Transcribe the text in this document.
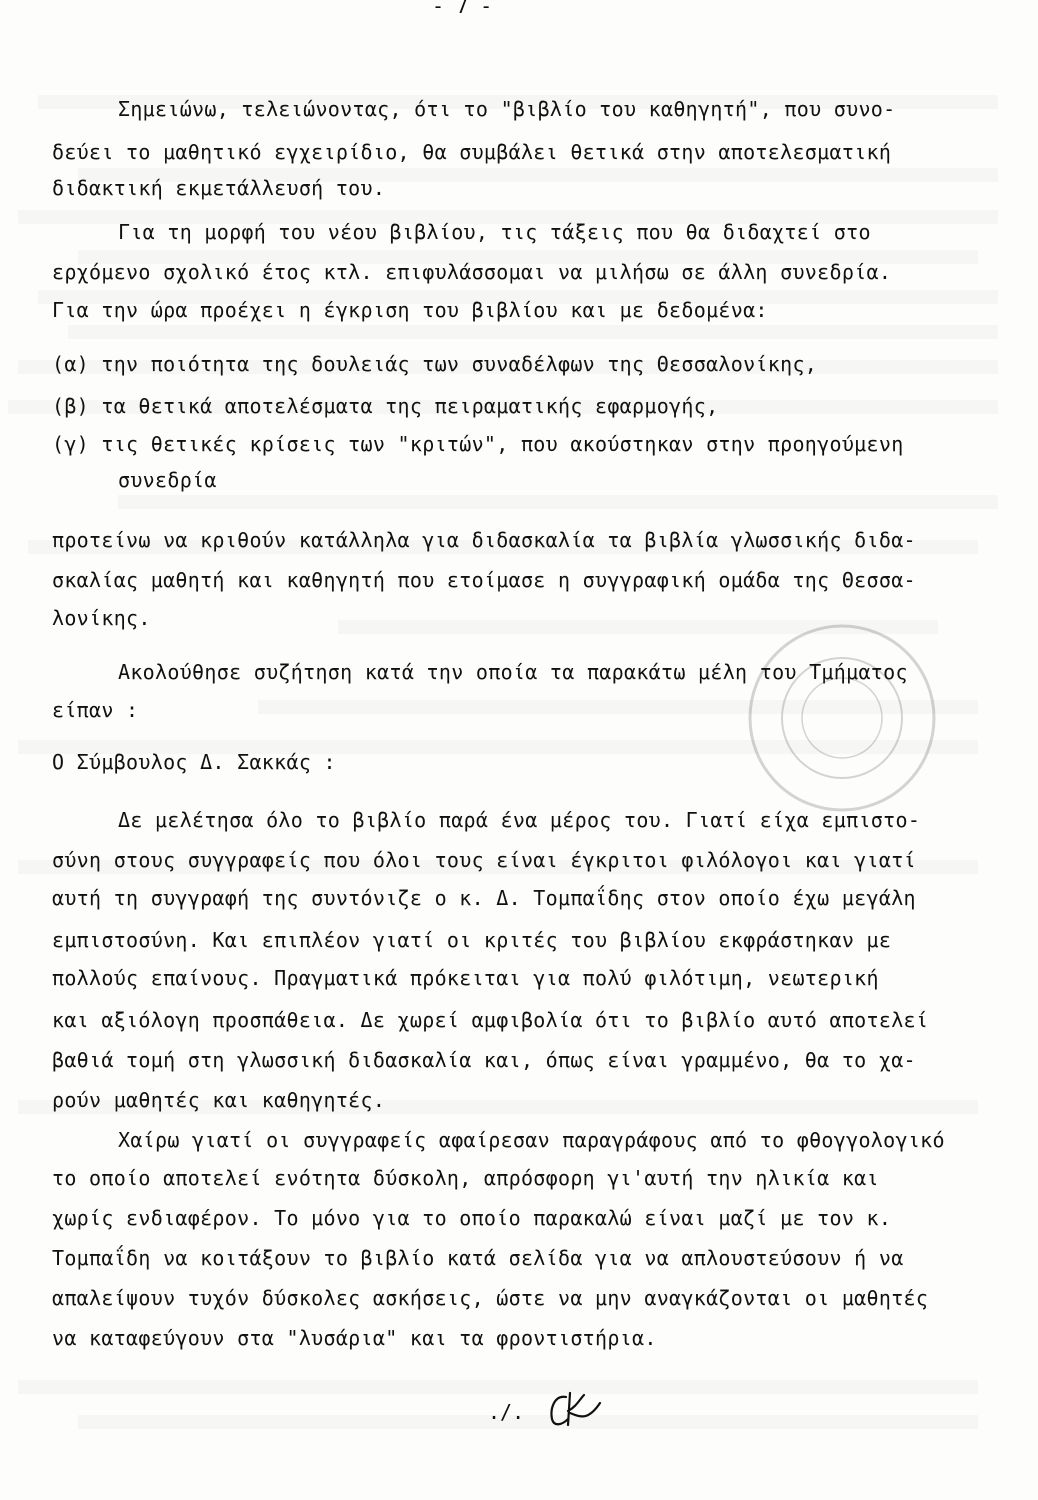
- 7 -
Σημειώνω, τελειώνοντας, ότι το "βιβλίο του καθηγητή", που συνο-
δεύει το μαθητικό εγχειρίδιο, θα συμβάλει θετικά στην αποτελεσματική
διδακτική εκμετάλλευσή του.
Για τη μορφή του νέου βιβλίου, τις τάξεις που θα διδαχτεί στο
ερχόμενο σχολικό έτος κτλ. επιφυλάσσομαι να μιλήσω σε άλλη συνεδρία.
Για την ώρα προέχει η έγκριση του βιβλίου και με δεδομένα:
(α) την ποιότητα της δουλειάς των συναδέλφων της Θεσσαλονίκης,
(β) τα θετικά αποτελέσματα της πειραματικής εφαρμογής,
(γ) τις θετικές κρίσεις των "κριτών", που ακούστηκαν στην προηγούμενη
συνεδρία
προτείνω να κριθούν κατάλληλα για διδασκαλία τα βιβλία γλωσσικής διδα-
σκαλίας μαθητή και καθηγητή που ετοίμασε η συγγραφική ομάδα της Θεσσα-
λονίκης.
Ακολούθησε συζήτηση κατά την οποία τα παρακάτω μέλη του Τμήματος
είπαν :
Ο Σύμβουλος Δ. Σακκάς :
Δε μελέτησα όλο το βιβλίο παρά ένα μέρος του. Γιατί είχα εμπιστο-
σύνη στους συγγραφείς που όλοι τους είναι έγκριτοι φιλόλογοι και γιατί
αυτή τη συγγραφή της συντόνιζε ο κ. Δ. Τομπαΐδης στον οποίο έχω μεγάλη
εμπιστοσύνη. Και επιπλέον γιατί οι κριτές του βιβλίου εκφράστηκαν με
πολλούς επαίνους. Πραγματικά πρόκειται για πολύ φιλότιμη, νεωτερική
και αξιόλογη προσπάθεια. Δε χωρεί αμφιβολία ότι το βιβλίο αυτό αποτελεί
βαθιά τομή στη γλωσσική διδασκαλία και, όπως είναι γραμμένο, θα το χα-
ρούν μαθητές και καθηγητές.
Χαίρω γιατί οι συγγραφείς αφαίρεσαν παραγράφους από το φθογγολογικό
το οποίο αποτελεί ενότητα δύσκολη, απρόσφορη γι'αυτή την ηλικία και
χωρίς ενδιαφέρον. Το μόνο για το οποίο παρακαλώ είναι μαζί με τον κ.
Τομπαΐδη να κοιτάξουν το βιβλίο κατά σελίδα για να απλουστεύσουν ή να
απαλείψουν τυχόν δύσκολες ασκήσεις, ώστε να μην αναγκάζονται οι μαθητές
να καταφεύγουν στα "λυσάρια" και τα φροντιστήρια.
./.
